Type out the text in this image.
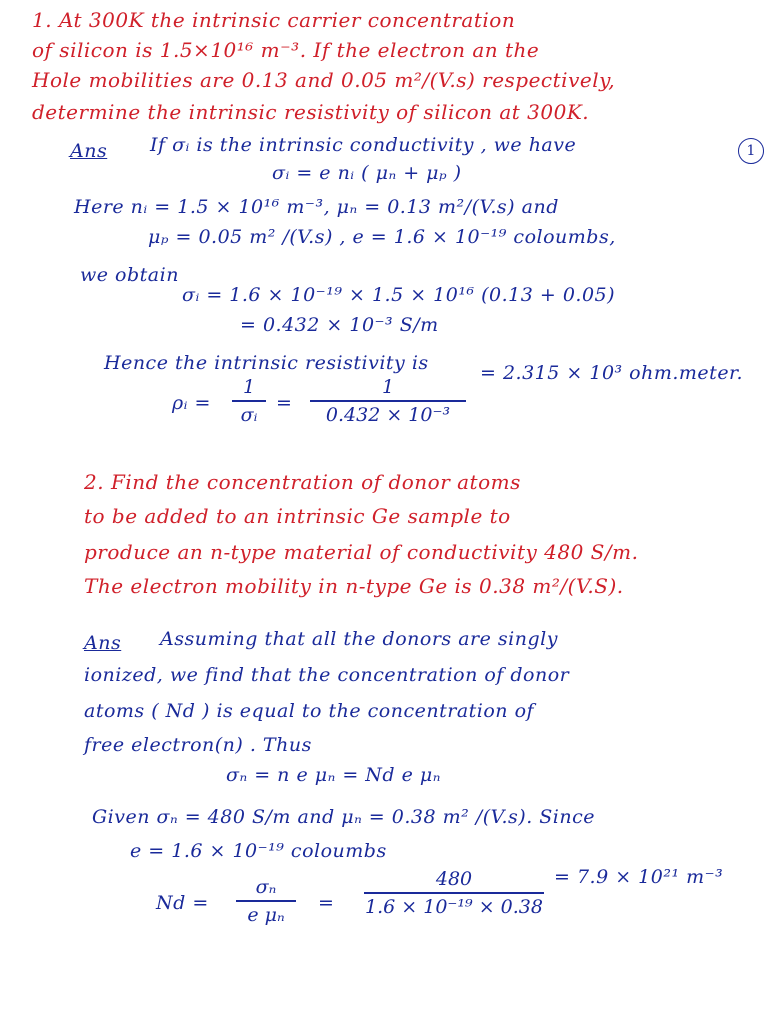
1. At 300K the intrinsic carrier concentration
of silicon is 1.5×10¹⁶ m⁻³. If the electron an the
Hole mobilities are 0.13 and 0.05 m²/(V.s) respectively,
determine the intrinsic resistivity of silicon at 300K.
Ans If σᵢ is the intrinsic conductivity , we have	1
σᵢ = e nᵢ ( μₙ + μₚ )
Here nᵢ = 1.5 × 10¹⁶ m⁻³, μₙ = 0.13 m²/(V.s) and
μₚ = 0.05 m² /(V.s) , e = 1.6 × 10⁻¹⁹ coloumbs,
we obtain
σᵢ = 1.6 × 10⁻¹⁹ × 1.5 × 10¹⁶ (0.13 + 0.05)
= 0.432 × 10⁻³ S/m
Hence the intrinsic resistivity is
ρᵢ =
1
σᵢ
=
1
0.432 × 10⁻³
= 2.315 × 10³ ohm.meter.
2. Find the concentration of donor atoms
to be added to an intrinsic Ge sample to
produce an n-type material of conductivity 480 S/m.
The electron mobility in n-type Ge is 0.38 m²/(V.S).
Ans Assuming that all the donors are singly
ionized, we find that the concentration of donor
atoms ( Nd ) is equal to the concentration of
free electron(n) . Thus
σₙ = n e μₙ = Nd e μₙ
Given σₙ = 480 S/m and μₙ = 0.38 m² /(V.s). Since
e = 1.6 × 10⁻¹⁹ coloumbs
Nd =
σₙ
e μₙ
=
480
1.6 × 10⁻¹⁹ × 0.38
= 7.9 × 10²¹ m⁻³
